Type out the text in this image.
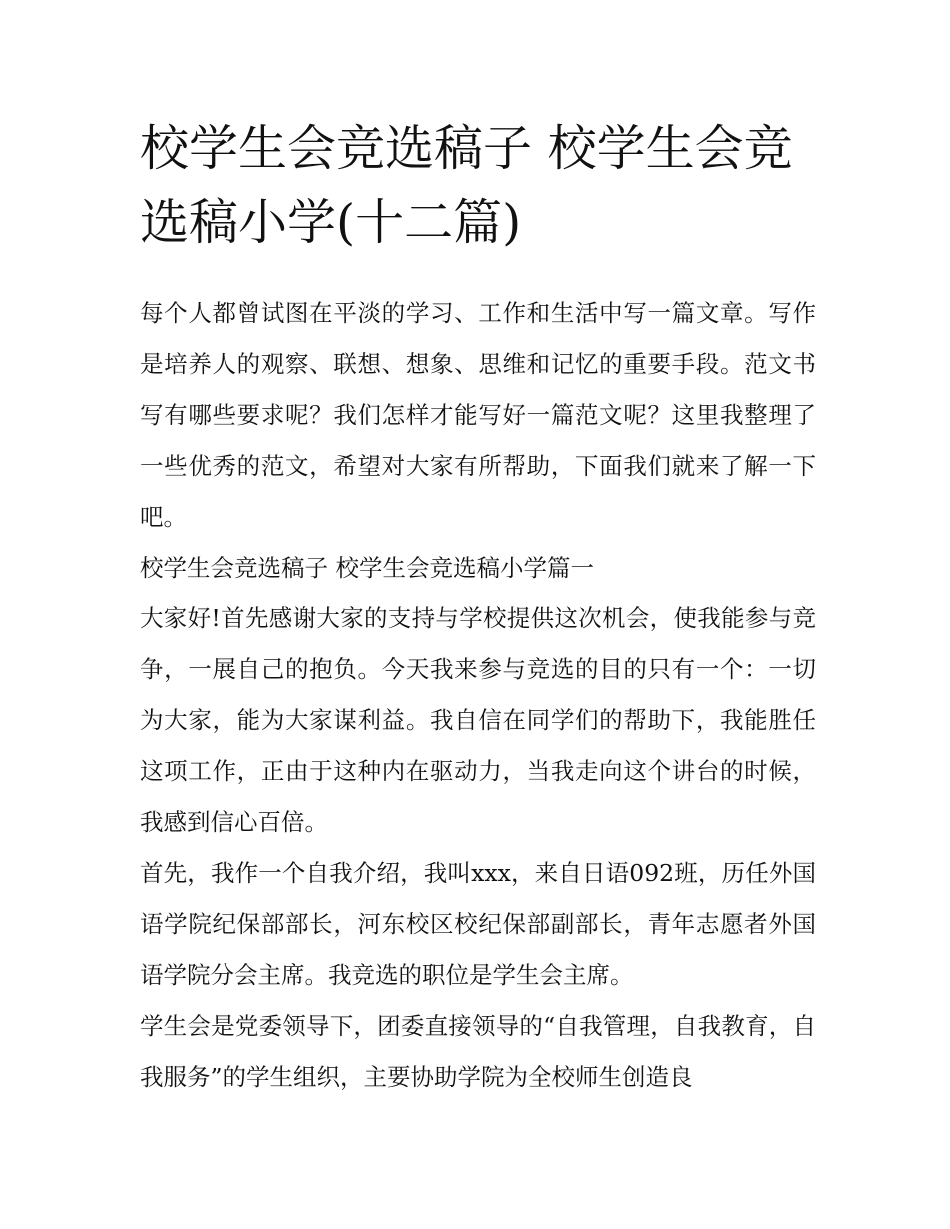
校学生会竞选稿子 校学生会竞选稿小学(十二篇)

每个人都曾试图在平淡的学习、工作和生活中写一篇文章。写作是培养人的观察、联想、想象、思维和记忆的重要手段。范文书写有哪些要求呢？我们怎样才能写好一篇范文呢？这里我整理了一些优秀的范文，希望对大家有所帮助，下面我们就来了解一下吧。

校学生会竞选稿子 校学生会竞选稿小学篇一

大家好!首先感谢大家的支持与学校提供这次机会，使我能参与竞争，一展自己的抱负。今天我来参与竞选的目的只有一个：一切为大家，能为大家谋利益。我自信在同学们的帮助下，我能胜任这项工作，正由于这种内在驱动力，当我走向这个讲台的时候，我感到信心百倍。

首先，我作一个自我介绍，我叫xxx，来自日语092班，历任外国语学院纪保部部长，河东校区校纪保部副部长，青年志愿者外国语学院分会主席。我竞选的职位是学生会主席。

学生会是党委领导下，团委直接领导的“自我管理，自我教育，自我服务”的学生组织，主要协助学院为全校师生创造良
